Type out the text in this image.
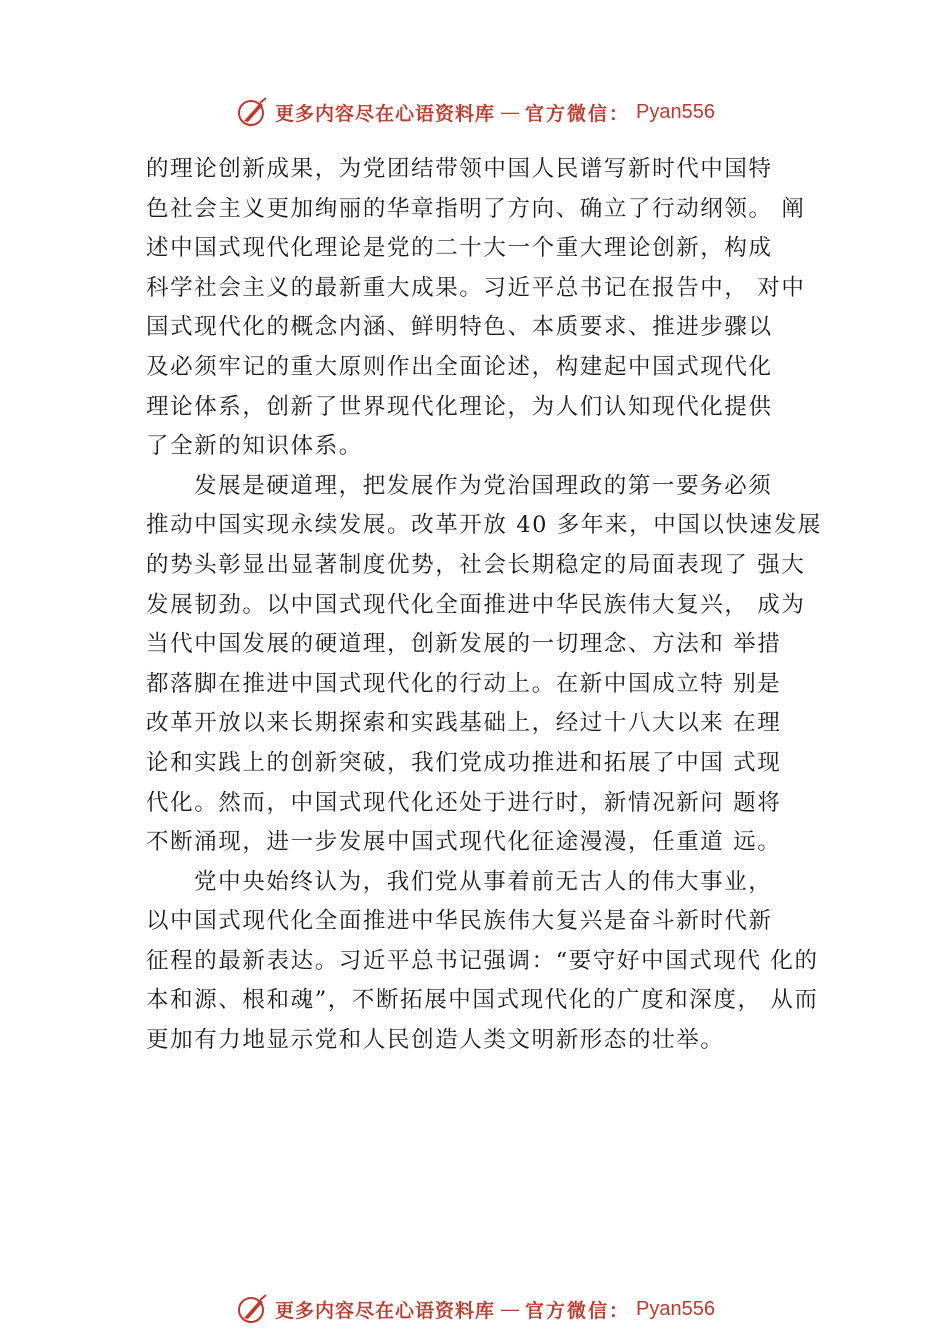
更多内容尽在心语资料库 — 官方微信： Pyan556
的理论创新成果，为党团结带领中国人民谱写新时代中国特
色社会主义更加绚丽的华章指明了方向、确立了行动纲领。 阐
述中国式现代化理论是党的二十大一个重大理论创新，构成
科学社会主义的最新重大成果。习近平总书记在报告中， 对中
国式现代化的概念内涵、鲜明特色、本质要求、推进步骤以
及必须牢记的重大原则作出全面论述，构建起中国式现代化
理论体系，创新了世界现代化理论，为人们认知现代化提供
了全新的知识体系。
发展是硬道理，把发展作为党治国理政的第一要务必须
推动中国实现永续发展。改革开放 40 多年来，中国以快速发展
的势头彰显出显著制度优势，社会长期稳定的局面表现了 强大
发展韧劲。以中国式现代化全面推进中华民族伟大复兴， 成为
当代中国发展的硬道理，创新发展的一切理念、方法和 举措
都落脚在推进中国式现代化的行动上。在新中国成立特 别是
改革开放以来长期探索和实践基础上，经过十八大以来 在理
论和实践上的创新突破，我们党成功推进和拓展了中国 式现
代化。然而，中国式现代化还处于进行时，新情况新问 题将
不断涌现，进一步发展中国式现代化征途漫漫，任重道 远。
党中央始终认为，我们党从事着前无古人的伟大事业，
以中国式现代化全面推进中华民族伟大复兴是奋斗新时代新
征程的最新表达。习近平总书记强调：“要守好中国式现代 化的
本和源、根和魂”，不断拓展中国式现代化的广度和深度， 从而
更加有力地显示党和人民创造人类文明新形态的壮举。
更多内容尽在心语资料库 — 官方微信： Pyan556
